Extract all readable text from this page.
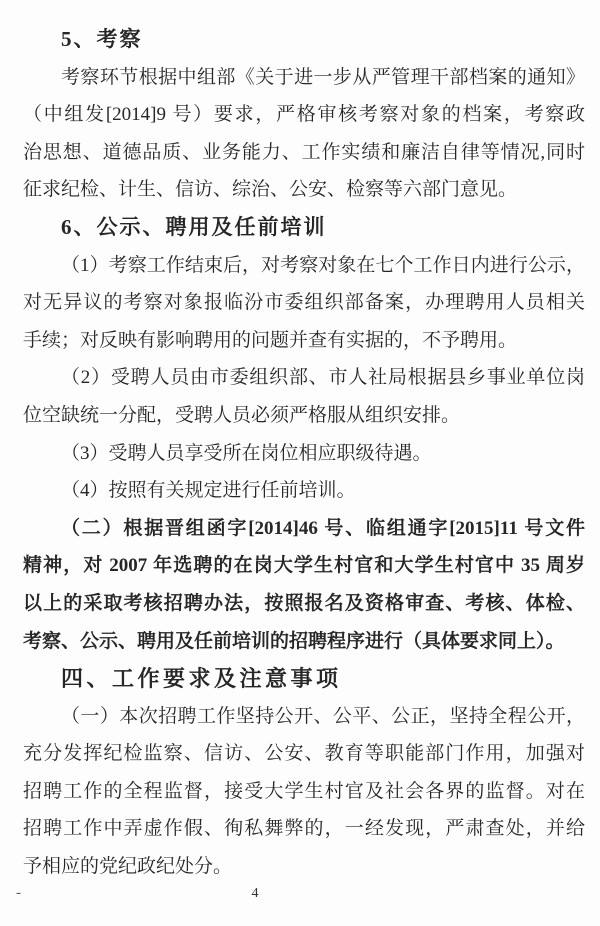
5、考察
考察环节根据中组部《关于进一步从严管理干部档案的通知》
（中组发[2014]9 号）要求，严格审核考察对象的档案，考察政
治思想、道德品质、业务能力、工作实绩和廉洁自律等情况,同时
征求纪检、计生、信访、综治、公安、检察等六部门意见。
6、公示、聘用及任前培训
（1）考察工作结束后，对考察对象在七个工作日内进行公示，
对无异议的考察对象报临汾市委组织部备案，办理聘用人员相关
手续；对反映有影响聘用的问题并查有实据的，不予聘用。
（2）受聘人员由市委组织部、市人社局根据县乡事业单位岗
位空缺统一分配，受聘人员必须严格服从组织安排。
（3）受聘人员享受所在岗位相应职级待遇。
（4）按照有关规定进行任前培训。
（二）根据晋组函字[2014]46 号、临组通字[2015]11 号文件
精神，对 2007 年选聘的在岗大学生村官和大学生村官中 35 周岁
以上的采取考核招聘办法，按照报名及资格审查、考核、体检、
考察、公示、聘用及任前培训的招聘程序进行（具体要求同上）。
四、工作要求及注意事项
（一）本次招聘工作坚持公开、公平、公正，坚持全程公开，
充分发挥纪检监察、信访、公安、教育等职能部门作用，加强对
招聘工作的全程监督，接受大学生村官及社会各界的监督。对在
招聘工作中弄虚作假、徇私舞弊的，一经发现，严肃查处，并给
予相应的党纪政纪处分。
-	4
